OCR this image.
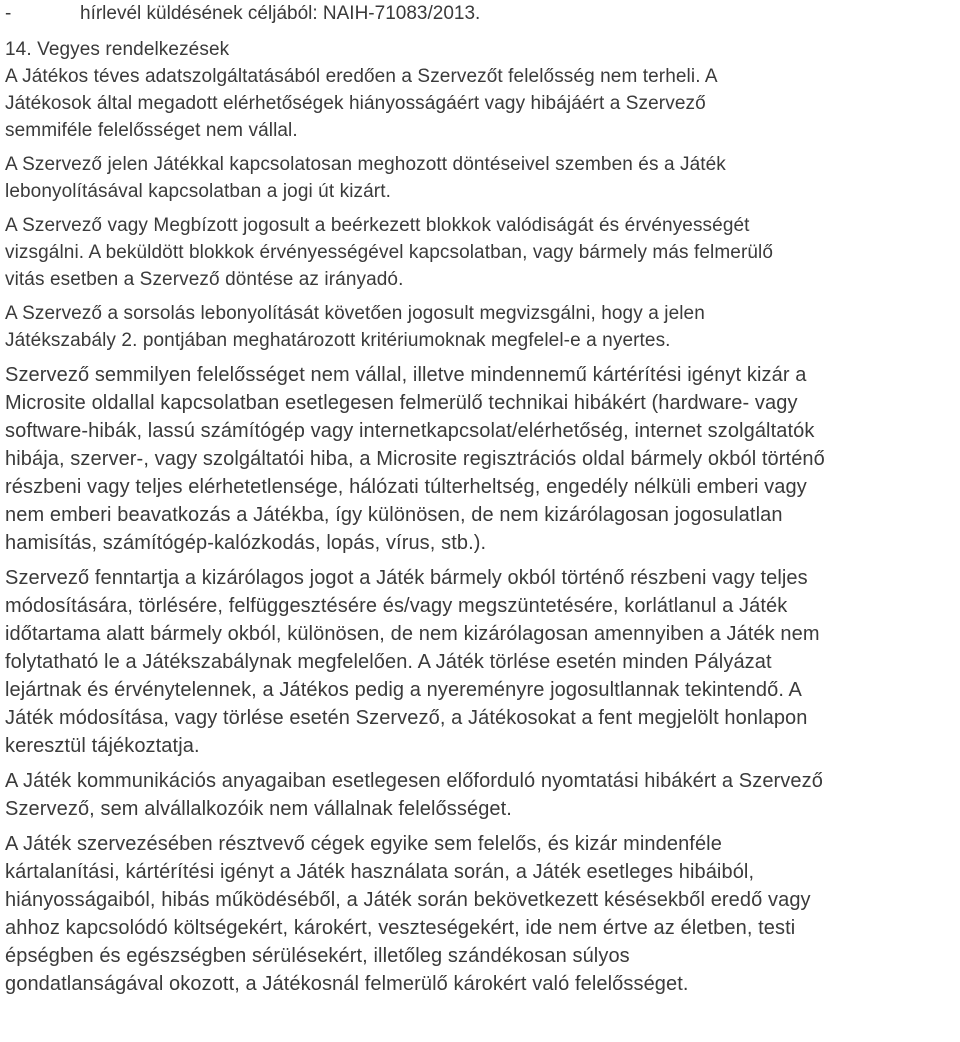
-	hírlevél küldésének céljából: NAIH-71083/2013.
14. Vegyes rendelkezések
A Játékos téves adatszolgáltatásából eredően a Szervezőt felelősség nem terheli. A
Játékosok által megadott elérhetőségek hiányosságáért vagy hibájáért a Szervező
semmiféle felelősséget nem vállal.
A Szervező jelen Játékkal kapcsolatosan meghozott döntéseivel szemben és a Játék
lebonyolításával kapcsolatban a jogi út kizárt.
A Szervező vagy Megbízott jogosult a beérkezett blokkok valódiságát és érvényességét
vizsgálni. A beküldött blokkok érvényességével kapcsolatban, vagy bármely más felmerülő
vitás esetben a Szervező döntése az irányadó.
A Szervező a sorsolás lebonyolítását követően jogosult megvizsgálni, hogy a jelen
Játékszabály 2. pontjában meghatározott kritériumoknak megfelel-e a nyertes.
Szervező semmilyen felelősséget nem vállal, illetve mindennemű kártérítési igényt kizár a
Microsite oldallal kapcsolatban esetlegesen felmerülő technikai hibákért (hardware- vagy
software-hibák, lassú számítógép vagy internetkapcsolat/elérhetőség, internet szolgáltatók
hibája, szerver-, vagy szolgáltatói hiba, a Microsite regisztrációs oldal bármely okból történő
részbeni vagy teljes elérhetetlensége, hálózati túlterheltség, engedély nélküli emberi vagy
nem emberi beavatkozás a Játékba, így különösen, de nem kizárólagosan jogosulatlan
hamisítás, számítógép-kalózkodás, lopás, vírus, stb.).
Szervező fenntartja a kizárólagos jogot a Játék bármely okból történő részbeni vagy teljes
módosítására, törlésére, felfüggesztésére és/vagy megszüntetésére, korlátlanul a Játék
időtartama alatt bármely okból, különösen, de nem kizárólagosan amennyiben a Játék nem
folytatható le a Játékszabálynak megfelelően. A Játék törlése esetén minden Pályázat
lejártnak és érvénytelennek, a Játékos pedig a nyereményre jogosultlannak tekintendő. A
Játék módosítása, vagy törlése esetén Szervező, a Játékosokat a fent megjelölt honlapon
keresztül tájékoztatja.
A Játék kommunikációs anyagaiban esetlegesen előforduló nyomtatási hibákért a Szervező
Szervező, sem alvállalkozóik nem vállalnak felelősséget.
A Játék szervezésében résztvevő cégek egyike sem felelős, és kizár mindenféle
kártalanítási, kártérítési igényt a Játék használata során, a Játék esetleges hibáiból,
hiányosságaiból, hibás működéséből, a Játék során bekövetkezett késésekből eredő vagy
ahhoz kapcsolódó költségekért, károkért, veszteségekért, ide nem értve az életben, testi
épségben és egészségben sérülésekért, illetőleg szándékosan súlyos
gondatlanságával okozott, a Játékosnál felmerülő károkért való felelősséget.
